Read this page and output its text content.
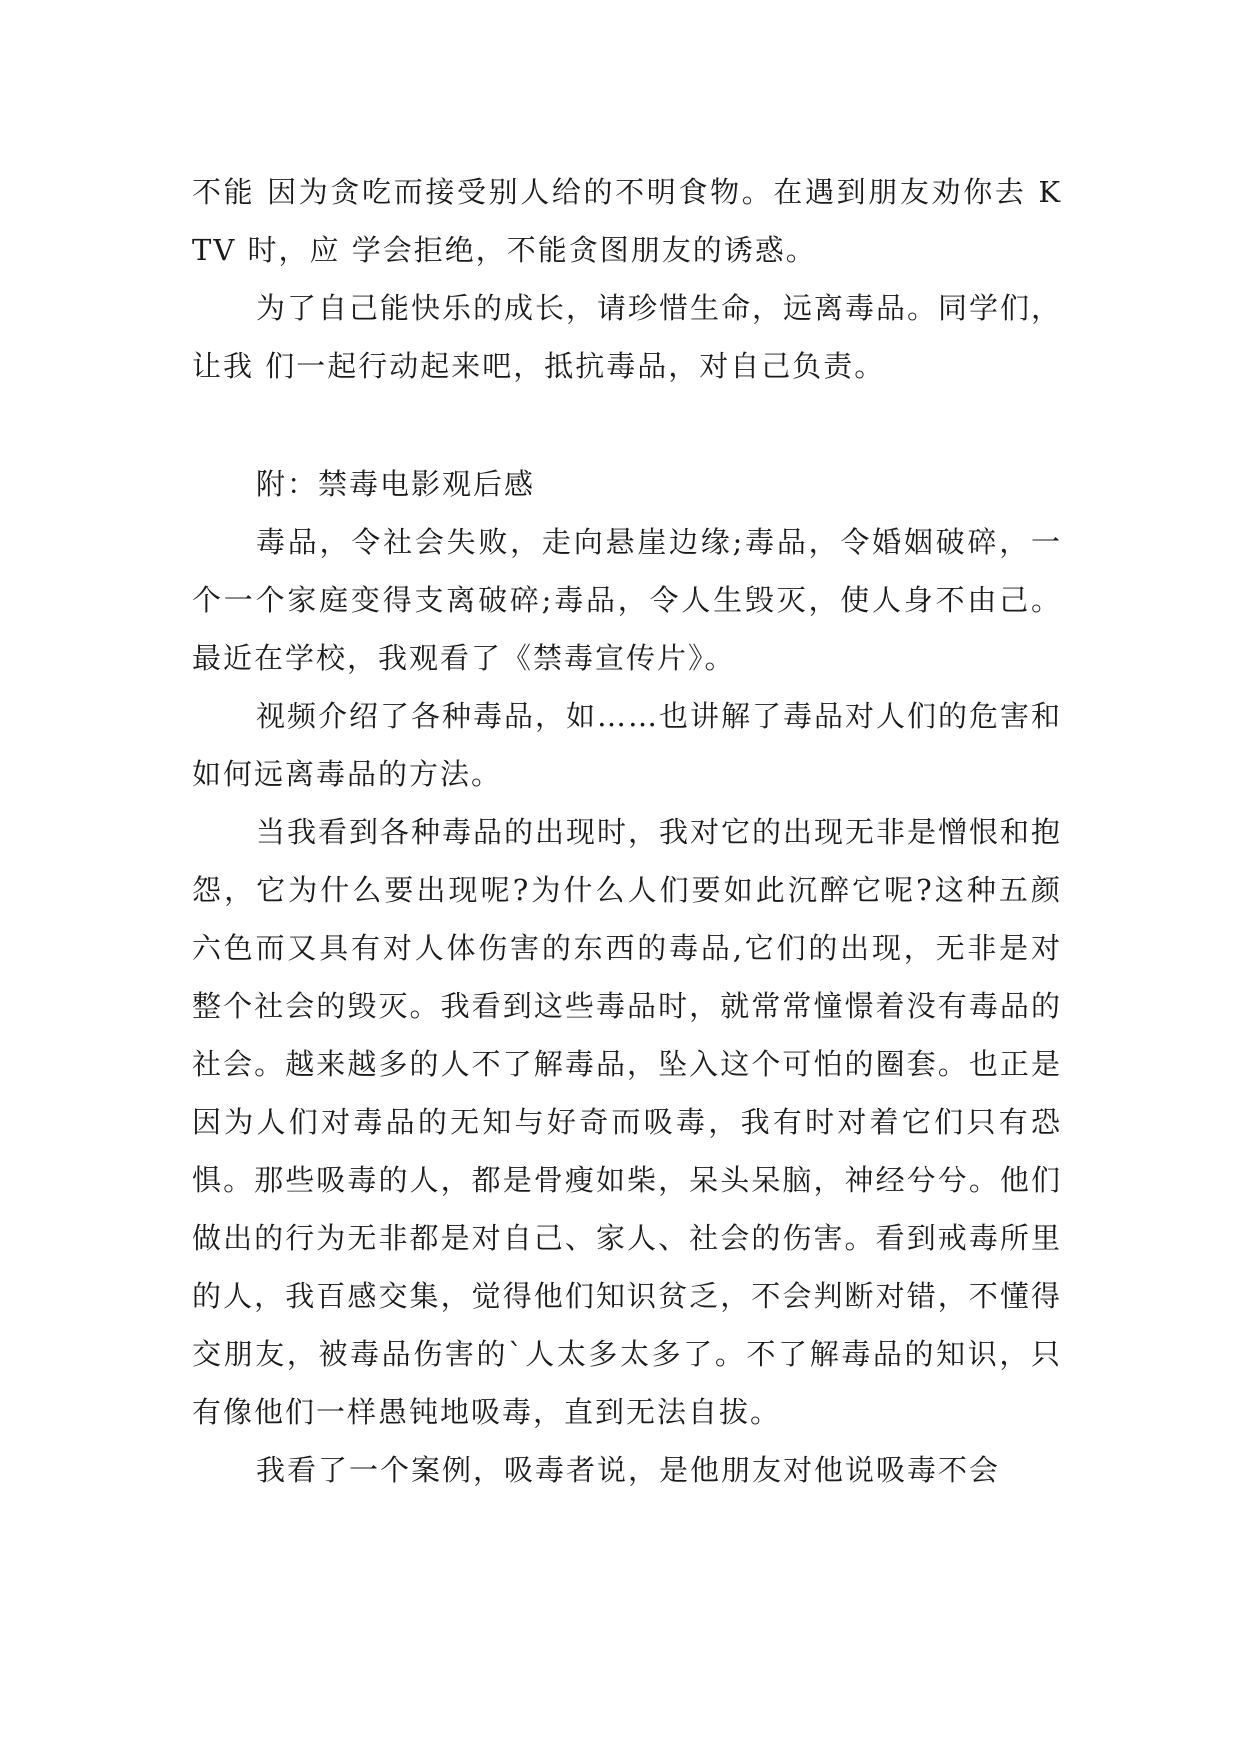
不能 因为贪吃而接受别人给的不明食物。在遇到朋友劝你去 KTV 时，应 学会拒绝，不能贪图朋友的诱惑。

为了自己能快乐的成长，请珍惜生命，远离毒品。同学们，让我 们一起行动起来吧，抵抗毒品，对自己负责。

附：禁毒电影观后感

毒品，令社会失败，走向悬崖边缘;毒品，令婚姻破碎，一个一个家庭变得支离破碎;毒品，令人生毁灭，使人身不由己。最近在学校，我观看了《禁毒宣传片》。

视频介绍了各种毒品，如……也讲解了毒品对人们的危害和如何远离毒品的方法。

当我看到各种毒品的出现时，我对它的出现无非是憎恨和抱怨，它为什么要出现呢?为什么人们要如此沉醉它呢?这种五颜六色而又具有对人体伤害的东西的毒品,它们的出现，无非是对整个社会的毁灭。我看到这些毒品时，就常常憧憬着没有毒品的社会。越来越多的人不了解毒品，坠入这个可怕的圈套。也正是因为人们对毒品的无知与好奇而吸毒，我有时对着它们只有恐惧。那些吸毒的人，都是骨瘦如柴，呆头呆脑，神经兮兮。他们做出的行为无非都是对自己、家人、社会的伤害。看到戒毒所里的人，我百感交集，觉得他们知识贫乏，不会判断对错，不懂得交朋友，被毒品伤害的`人太多太多了。不了解毒品的知识，只有像他们一样愚钝地吸毒，直到无法自拔。

我看了一个案例，吸毒者说，是他朋友对他说吸毒不会
